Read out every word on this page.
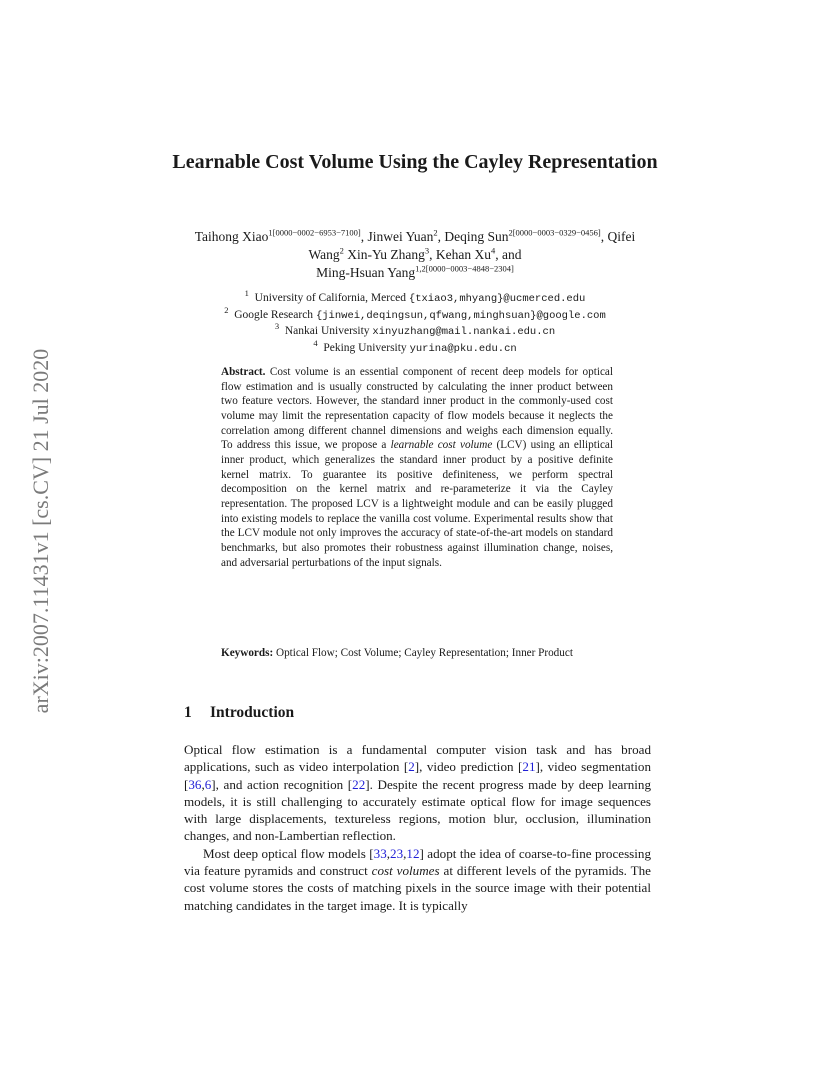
arXiv:2007.11431v1 [cs.CV] 21 Jul 2020
Learnable Cost Volume Using the Cayley Representation
Taihong Xiao$^{1[0000-0002-6953-7100]}$, Jinwei Yuan$^2$, Deqing Sun$^{2[0000-0003-0329-0456]}$, Qifei Wang$^2$ Xin-Yu Zhang$^3$, Kehan Xu$^4$, and
Ming-Hsuan Yang$^{1,2[0000-0003-4848-2304]}$
$^1$ University of California, Merced {txiao3,mhyang}@ucmerced.edu
$^2$ Google Research {jinwei,deqingsun,qfwang,minghsuan}@google.com
$^3$ Nankai University xinyuzhang@mail.nankai.edu.cn
$^4$ Peking University yurina@pku.edu.cn
Abstract. Cost volume is an essential component of recent deep models for optical flow estimation and is usually constructed by calculating the inner product between two feature vectors. However, the standard inner product in the commonly-used cost volume may limit the representation capacity of flow models because it neglects the correlation among different channel dimensions and weighs each dimension equally. To address this issue, we propose a learnable cost volume (LCV) using an elliptical inner product, which generalizes the standard inner product by a positive definite kernel matrix. To guarantee its positive definiteness, we perform spectral decomposition on the kernel matrix and re-parameterize it via the Cayley representation. The proposed LCV is a lightweight module and can be easily plugged into existing models to replace the vanilla cost volume. Experimental results show that the LCV module not only improves the accuracy of state-of-the-art models on standard benchmarks, but also promotes their robustness against illumination change, noises, and adversarial perturbations of the input signals.
Keywords: Optical Flow; Cost Volume; Cayley Representation; Inner Product
1 Introduction

Optical flow estimation is a fundamental computer vision task and has broad applications, such as video interpolation [2], video prediction [21], video segmentation [36,6], and action recognition [22]. Despite the recent progress made by deep learning models, it is still challenging to accurately estimate optical flow for image sequences with large displacements, textureless regions, motion blur, occlusion, illumination changes, and non-Lambertian reflection.

Most deep optical flow models [33,23,12] adopt the idea of coarse-to-fine processing via feature pyramids and construct cost volumes at different levels of the pyramids. The cost volume stores the costs of matching pixels in the source image with their potential matching candidates in the target image. It is typically
